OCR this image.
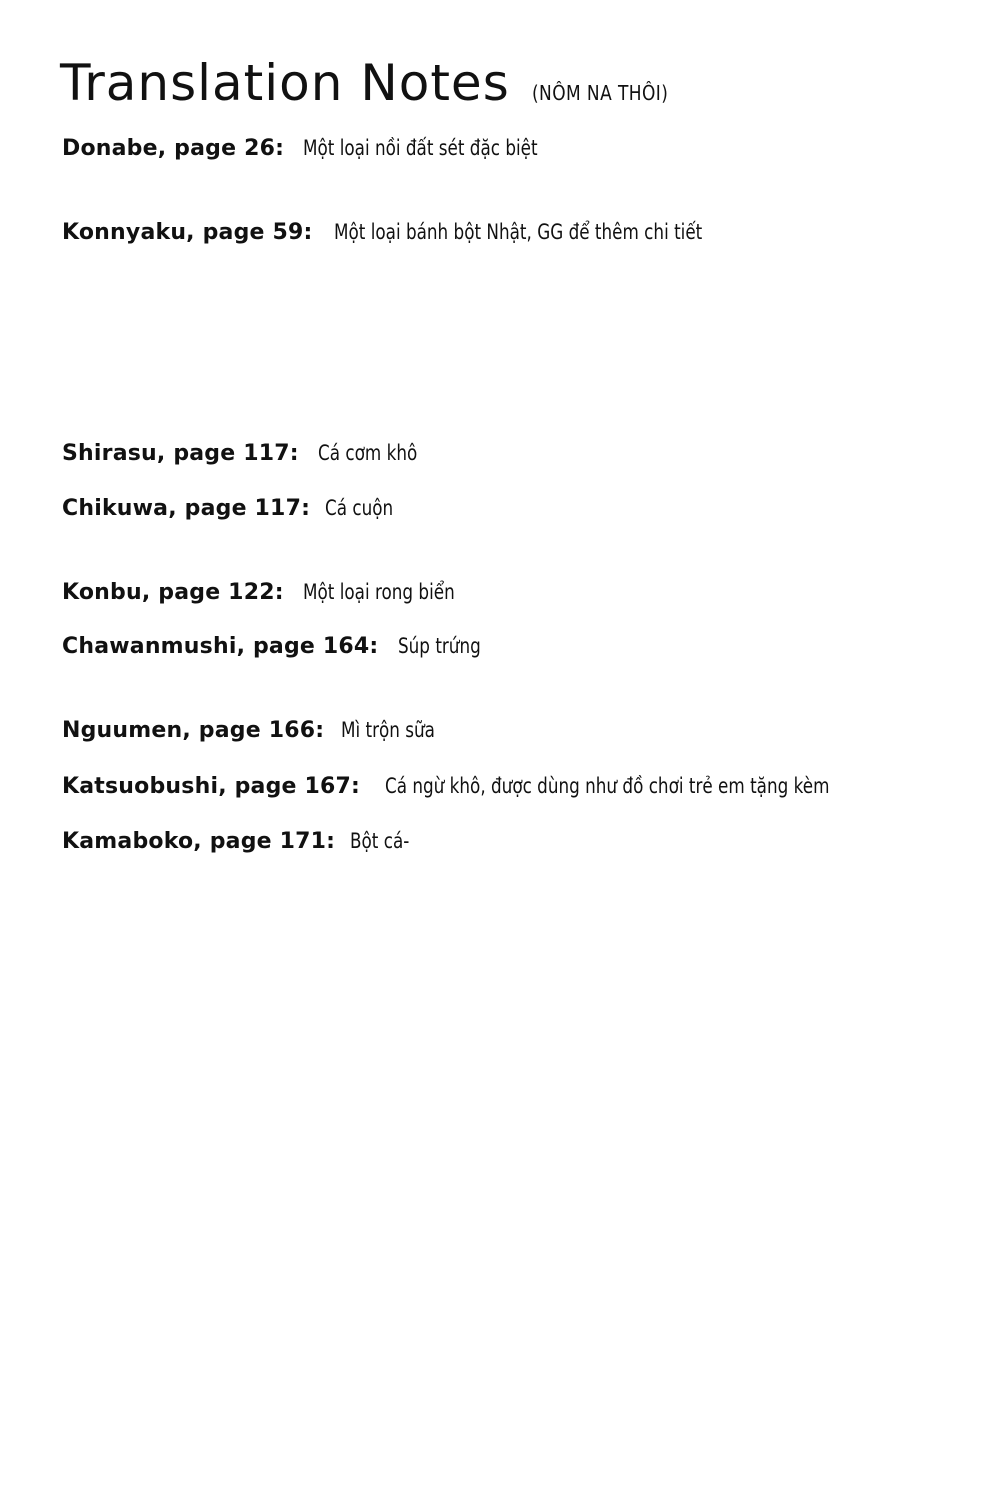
Translation Notes (NÔM NA THÔI)
Donabe, page 26: Một loại nồi đất sét đặc biệt
Konnyaku, page 59: Một loại bánh bột Nhật, GG để thêm chi tiết
Shirasu, page 117: Cá cơm khô
Chikuwa, page 117: Cá cuộn
Konbu, page 122: Một loại rong biển
Chawanmushi, page 164: Súp trứng
Nguumen, page 166: Mì trộn sữa
Katsuobushi, page 167: Cá ngừ khô, được dùng như đồ chơi trẻ em tặng kèm
Kamaboko, page 171: Bột cá-
